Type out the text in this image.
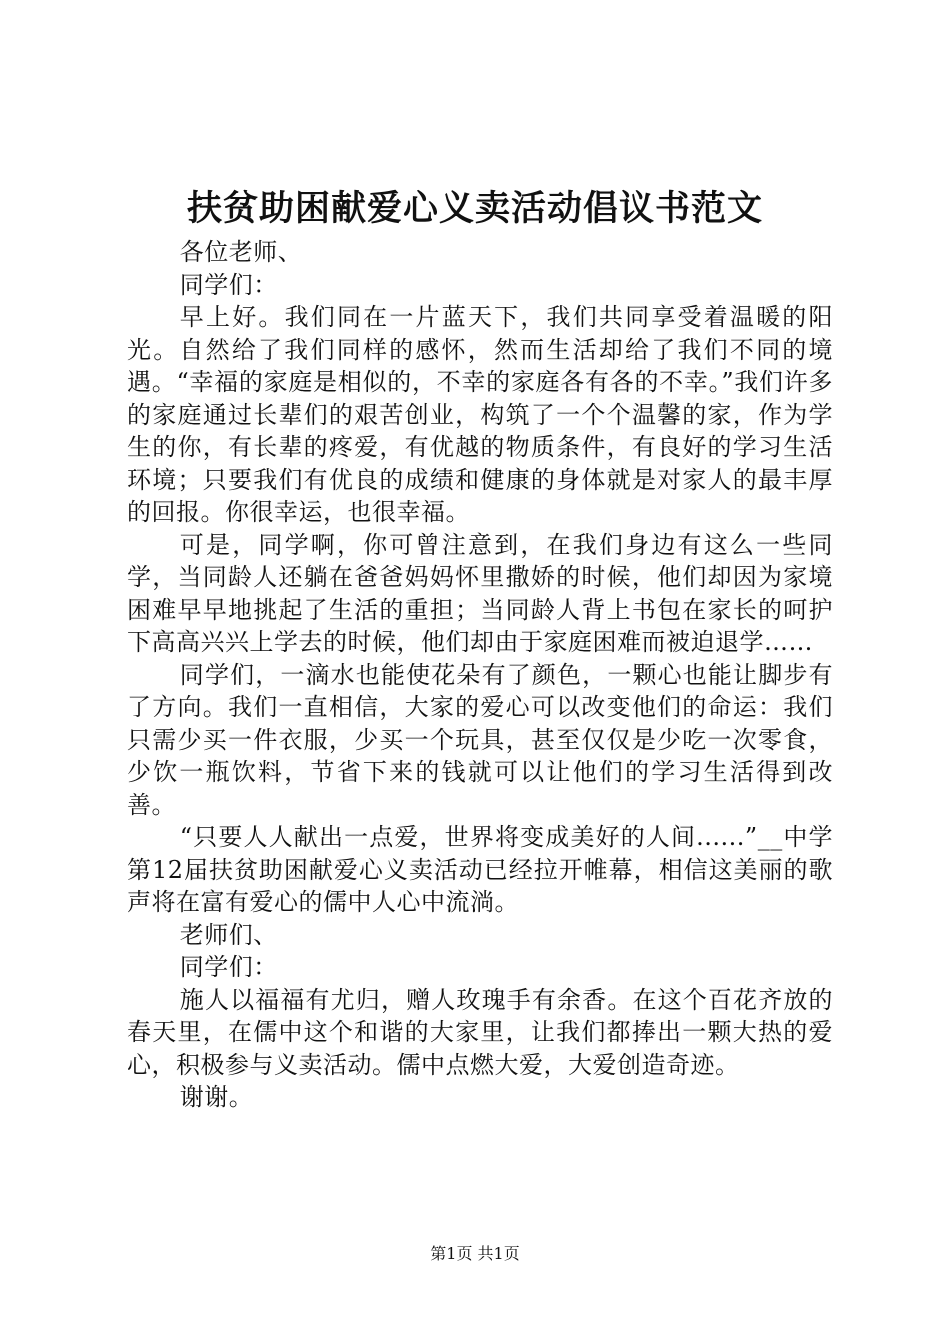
扶贫助困献爱心义卖活动倡议书范文

各位老师、

同学们：

早上好。我们同在一片蓝天下，我们共同享受着温暖的阳光。自然给了我们同样的感怀，然而生活却给了我们不同的境遇。“幸福的家庭是相似的，不幸的家庭各有各的不幸。”我们许多的家庭通过长辈们的艰苦创业，构筑了一个个温馨的家，作为学生的你，有长辈的疼爱，有优越的物质条件，有良好的学习生活环境；只要我们有优良的成绩和健康的身体就是对家人的最丰厚的回报。你很幸运，也很幸福。

可是，同学啊，你可曾注意到，在我们身边有这么一些同学，当同龄人还躺在爸爸妈妈怀里撒娇的时候，他们却因为家境困难早早地挑起了生活的重担；当同龄人背上书包在家长的呵护下高高兴兴上学去的时候，他们却由于家庭困难而被迫退学……

同学们，一滴水也能使花朵有了颜色，一颗心也能让脚步有了方向。我们一直相信，大家的爱心可以改变他们的命运：我们只需少买一件衣服，少买一个玩具，甚至仅仅是少吃一次零食，少饮一瓶饮料，节省下来的钱就可以让他们的学习生活得到改善。

“只要人人献出一点爱，世界将变成美好的人间......”__中学第12届扶贫助困献爱心义卖活动已经拉开帷幕，相信这美丽的歌声将在富有爱心的儒中人心中流淌。

老师们、

同学们：

施人以福福有尤归，赠人玫瑰手有余香。在这个百花齐放的春天里，在儒中这个和谐的大家里，让我们都捧出一颗大热的爱心，积极参与义卖活动。儒中点燃大爱，大爱创造奇迹。

谢谢。

第1页 共1页
